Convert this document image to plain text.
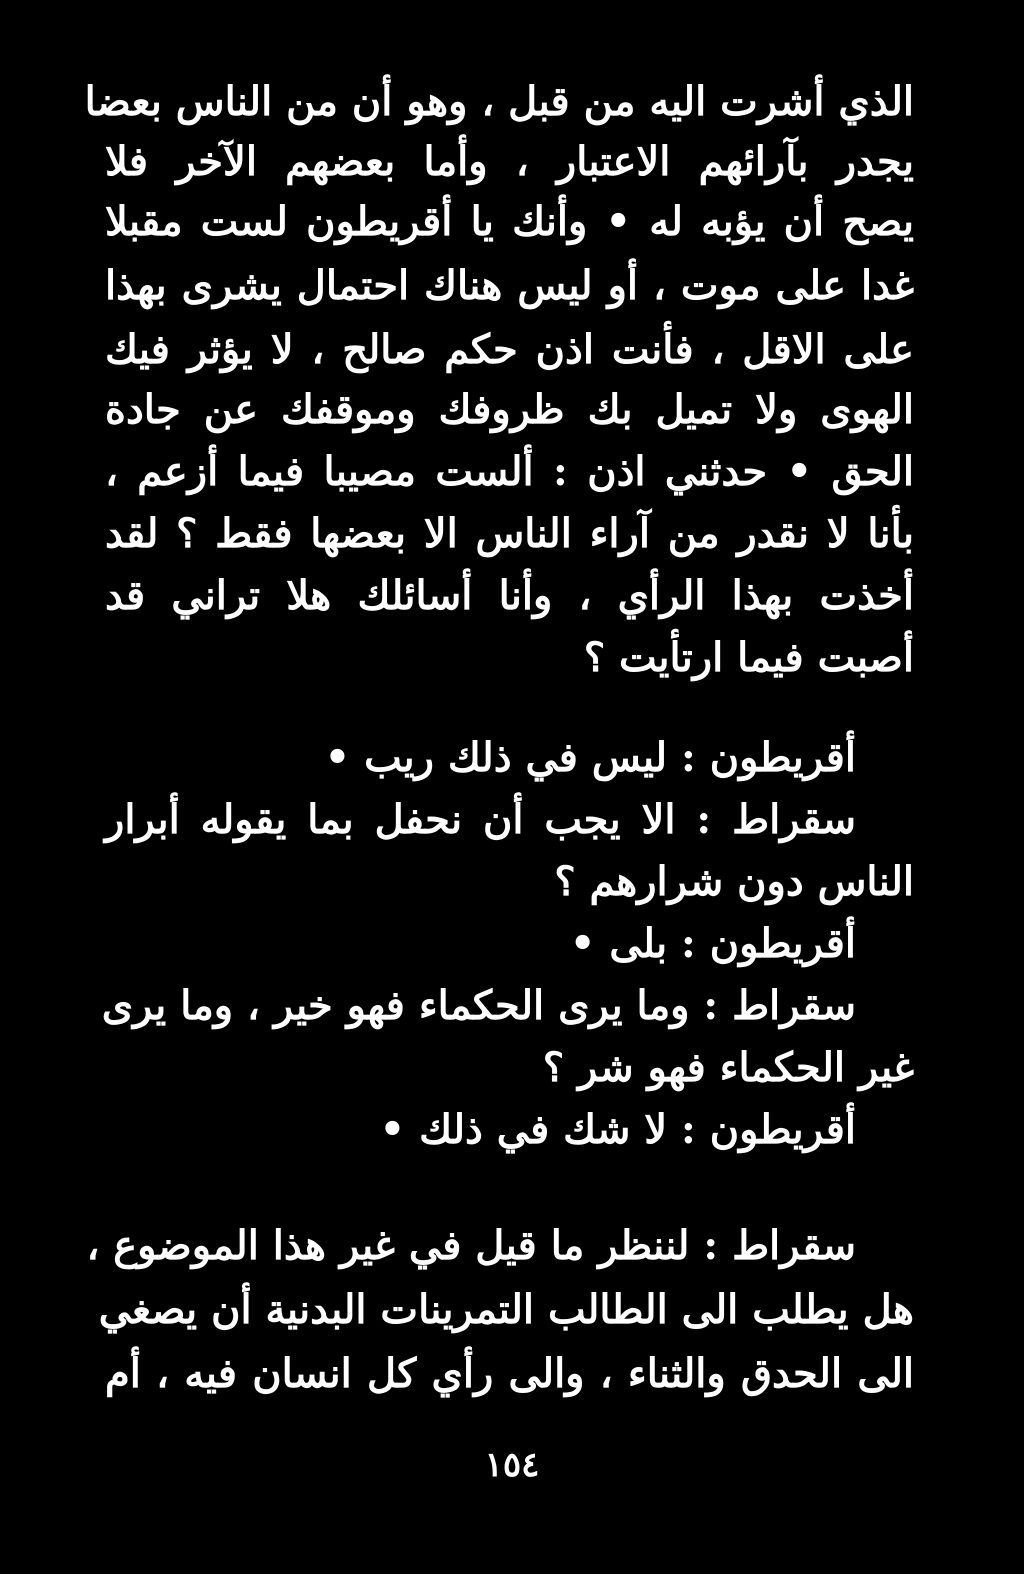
الذي أشرت اليه من قبل ، وهو أن من الناس بعضا
يجدر بآرائهم الاعتبار ، وأما بعضهم الآخر فلا
يصح أن يؤبه له • وأنك يا أقريطون لست مقبلا
غدا على موت ، أو ليس هناك احتمال يشرى بهذا
على الاقل ، فأنت اذن حكم صالح ، لا يؤثر فيك
الهوى ولا تميل بك ظروفك وموقفك عن جادة
الحق • حدثني اذن : ألست مصيبا فيما أزعم ،
بأنا لا نقدر من آراء الناس الا بعضها فقط ؟ لقد
أخذت بهذا الرأي ، وأنا أسائلك هلا تراني قد
أصبت فيما ارتأيت ؟
أقريطون : ليس في ذلك ريب •
سقراط : الا يجب أن نحفل بما يقوله أبرار
الناس دون شرارهم ؟
أقريطون : بلى •
سقراط : وما يرى الحكماء فهو خير ، وما يرى
غير الحكماء فهو شر ؟
أقريطون : لا شك في ذلك •
سقراط : لننظر ما قيل في غير هذا الموضوع ،
هل يطلب الى الطالب التمرينات البدنية أن يصغي
الى الحدق والثناء ، والى رأي كل انسان فيه ، أم
١٥٤
